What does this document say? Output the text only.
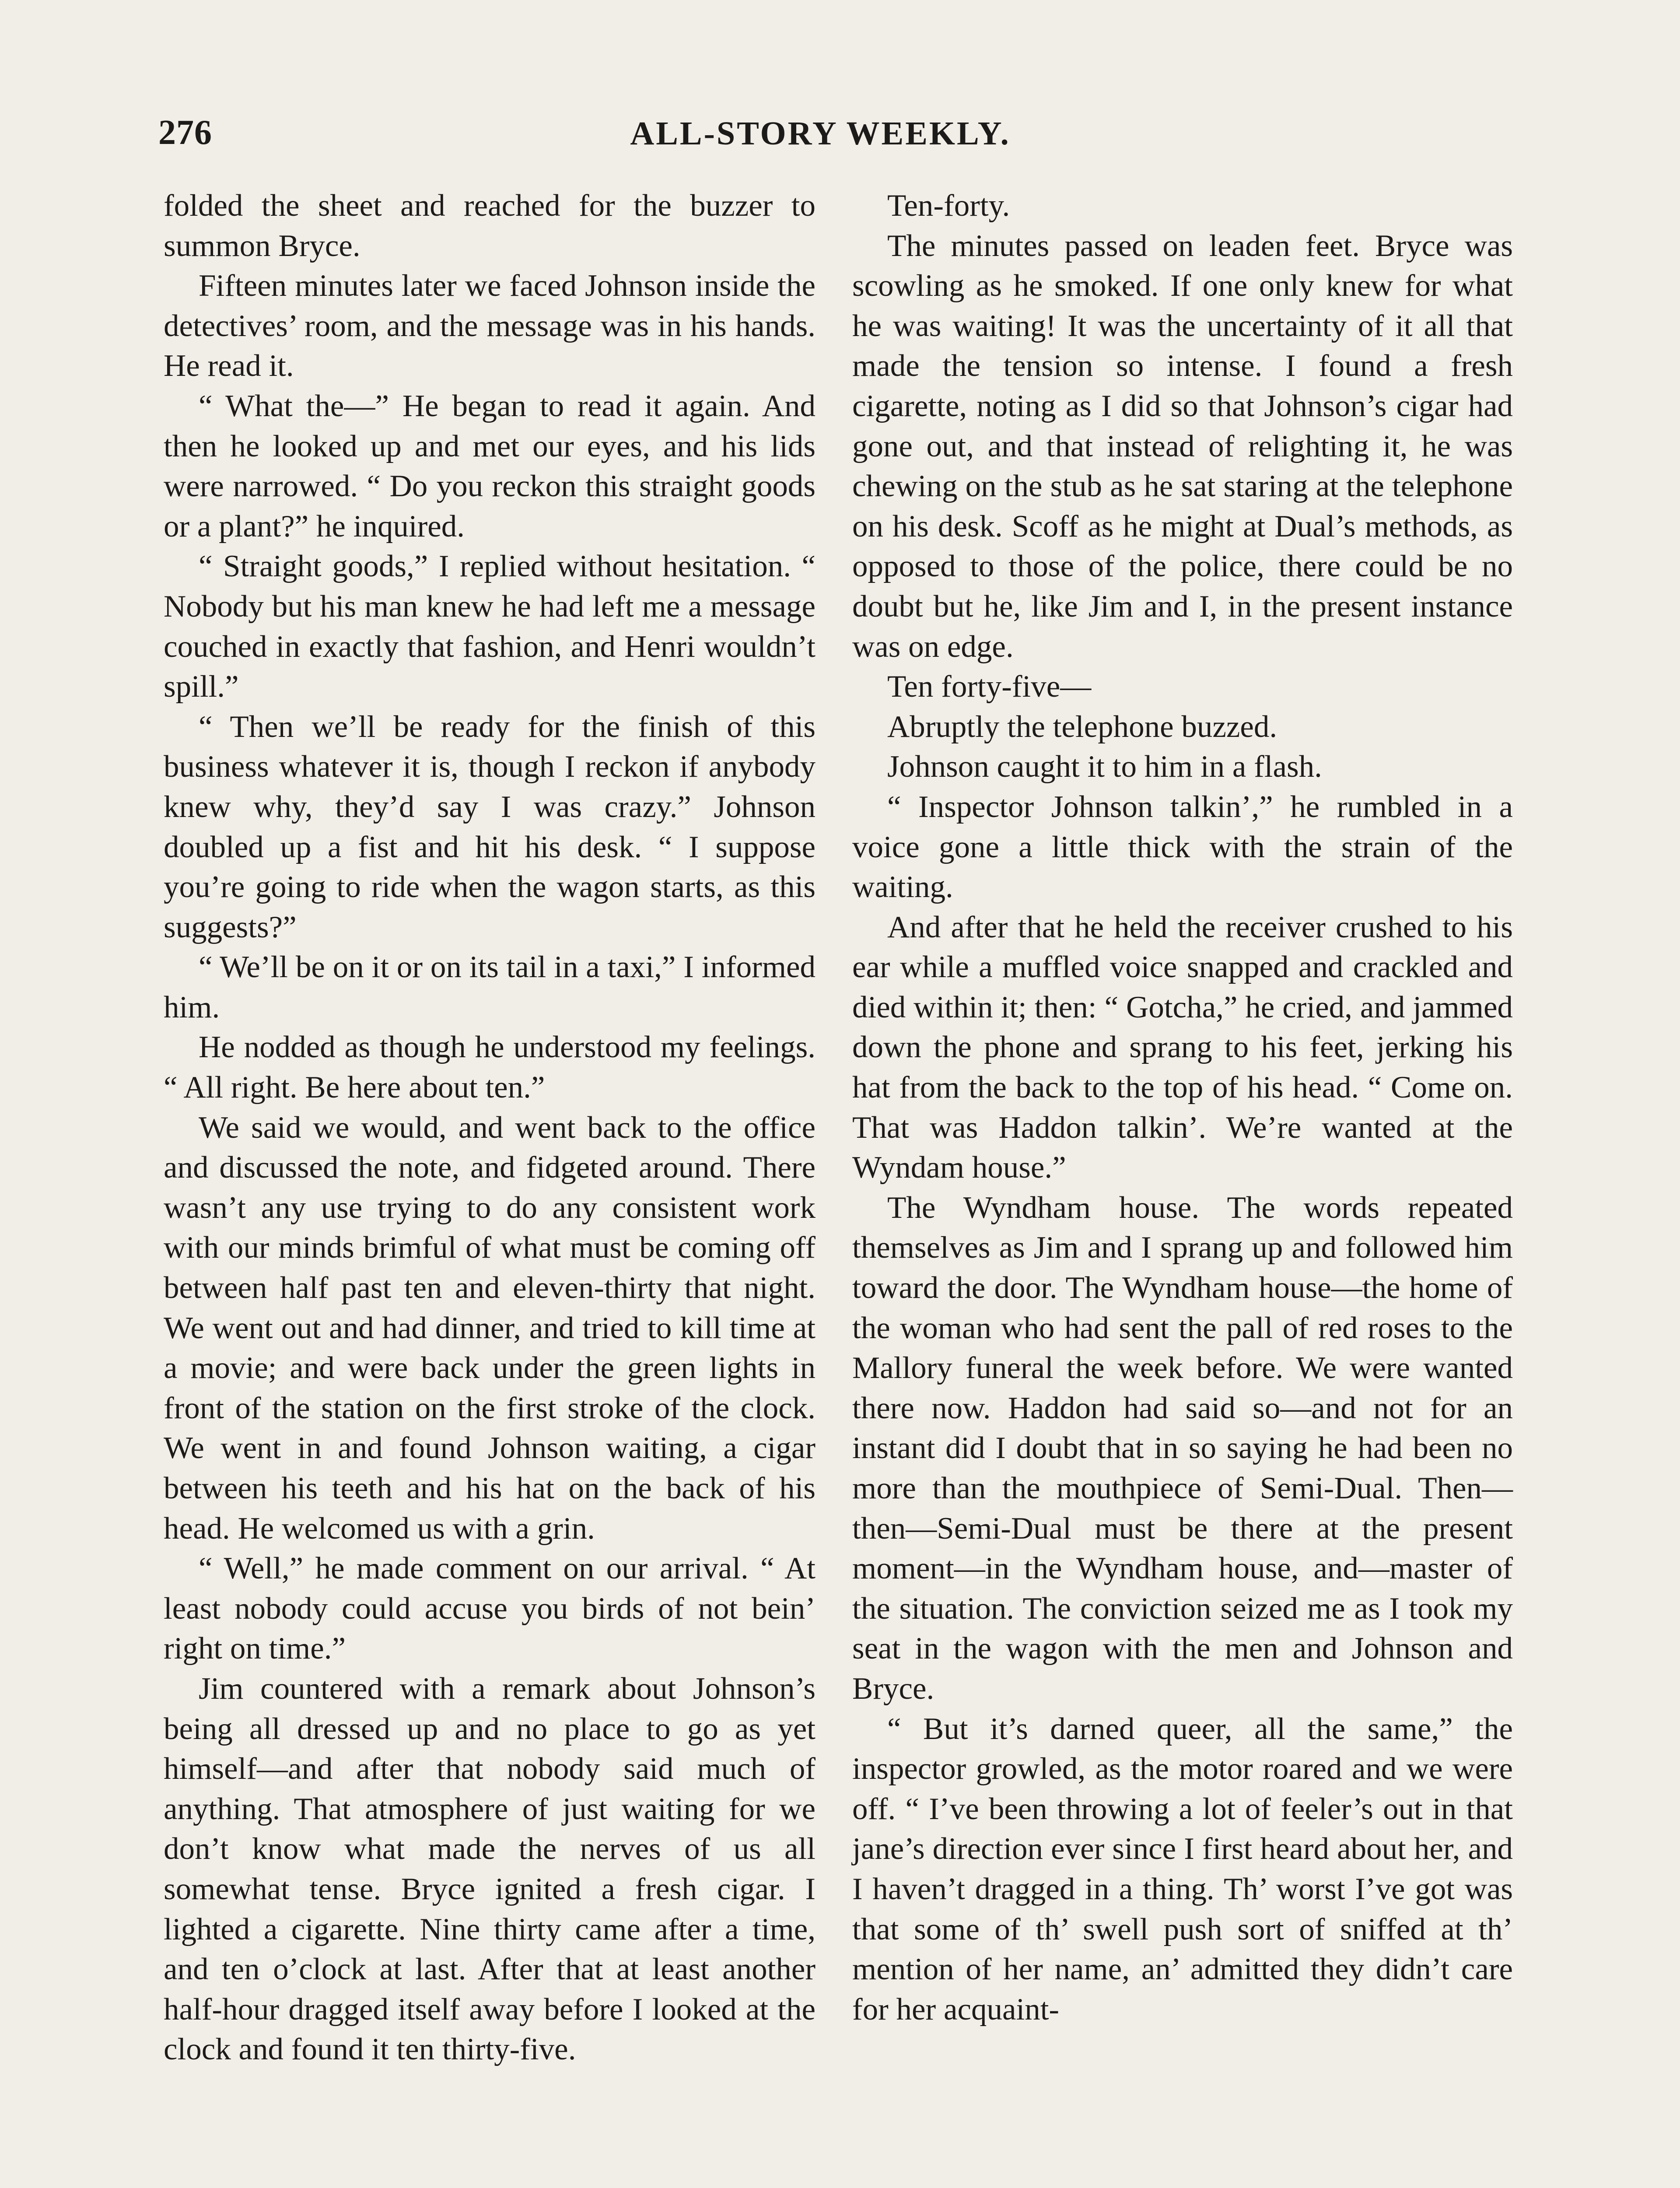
276	ALL-STORY WEEKLY.

folded the sheet and reached for the buzzer to summon Bryce.

Fifteen minutes later we faced Johnson inside the detectives’ room, and the message was in his hands. He read it.

“ What the—” He began to read it again. And then he looked up and met our eyes, and his lids were narrowed. “ Do you reckon this straight goods or a plant?” he inquired.

“ Straight goods,” I replied without hesitation. “ Nobody but his man knew he had left me a message couched in exactly that fashion, and Henri wouldn’t spill.”

“ Then we’ll be ready for the finish of this business whatever it is, though I reckon if anybody knew why, they’d say I was crazy.” Johnson doubled up a fist and hit his desk. “ I suppose you’re going to ride when the wagon starts, as this suggests?”

“ We’ll be on it or on its tail in a taxi,” I informed him.

He nodded as though he understood my feelings. “ All right. Be here about ten.”

We said we would, and went back to the office and discussed the note, and fidgeted around. There wasn’t any use trying to do any consistent work with our minds brimful of what must be coming off between half past ten and eleven-thirty that night. We went out and had dinner, and tried to kill time at a movie; and were back under the green lights in front of the station on the first stroke of the clock. We went in and found Johnson waiting, a cigar between his teeth and his hat on the back of his head. He welcomed us with a grin.

“ Well,” he made comment on our arrival. “ At least nobody could accuse you birds of not bein’ right on time.”

Jim countered with a remark about Johnson’s being all dressed up and no place to go as yet himself—and after that nobody said much of anything. That atmosphere of just waiting for we don’t know what made the nerves of us all somewhat tense. Bryce ignited a fresh cigar. I lighted a cigarette. Nine thirty came after a time, and ten o’clock at last. After that at least another half-hour dragged itself away before I looked at the clock and found it ten thirty-five.

Ten-forty.

The minutes passed on leaden feet. Bryce was scowling as he smoked. If one only knew for what he was waiting! It was the uncertainty of it all that made the tension so intense. I found a fresh cigarette, noting as I did so that Johnson’s cigar had gone out, and that instead of relighting it, he was chewing on the stub as he sat staring at the telephone on his desk. Scoff as he might at Dual’s methods, as opposed to those of the police, there could be no doubt but he, like Jim and I, in the present instance was on edge.

Ten forty-five—

Abruptly the telephone buzzed.

Johnson caught it to him in a flash.

“ Inspector Johnson talkin’,” he rumbled in a voice gone a little thick with the strain of the waiting.

And after that he held the receiver crushed to his ear while a muffled voice snapped and crackled and died within it; then: “ Gotcha,” he cried, and jammed down the phone and sprang to his feet, jerking his hat from the back to the top of his head. “ Come on. That was Haddon talkin’. We’re wanted at the Wyndam house.”

The Wyndham house. The words repeated themselves as Jim and I sprang up and followed him toward the door. The Wyndham house—the home of the woman who had sent the pall of red roses to the Mallory funeral the week before. We were wanted there now. Haddon had said so—and not for an instant did I doubt that in so saying he had been no more than the mouthpiece of Semi-Dual. Then—then—Semi-Dual must be there at the present moment—in the Wyndham house, and—master of the situation. The conviction seized me as I took my seat in the wagon with the men and Johnson and Bryce.

“ But it’s darned queer, all the same,” the inspector growled, as the motor roared and we were off. “ I’ve been throwing a lot of feeler’s out in that jane’s direction ever since I first heard about her, and I haven’t dragged in a thing. Th’ worst I’ve got was that some of th’ swell push sort of sniffed at th’ mention of her name, an’ admitted they didn’t care for her acquaint-
